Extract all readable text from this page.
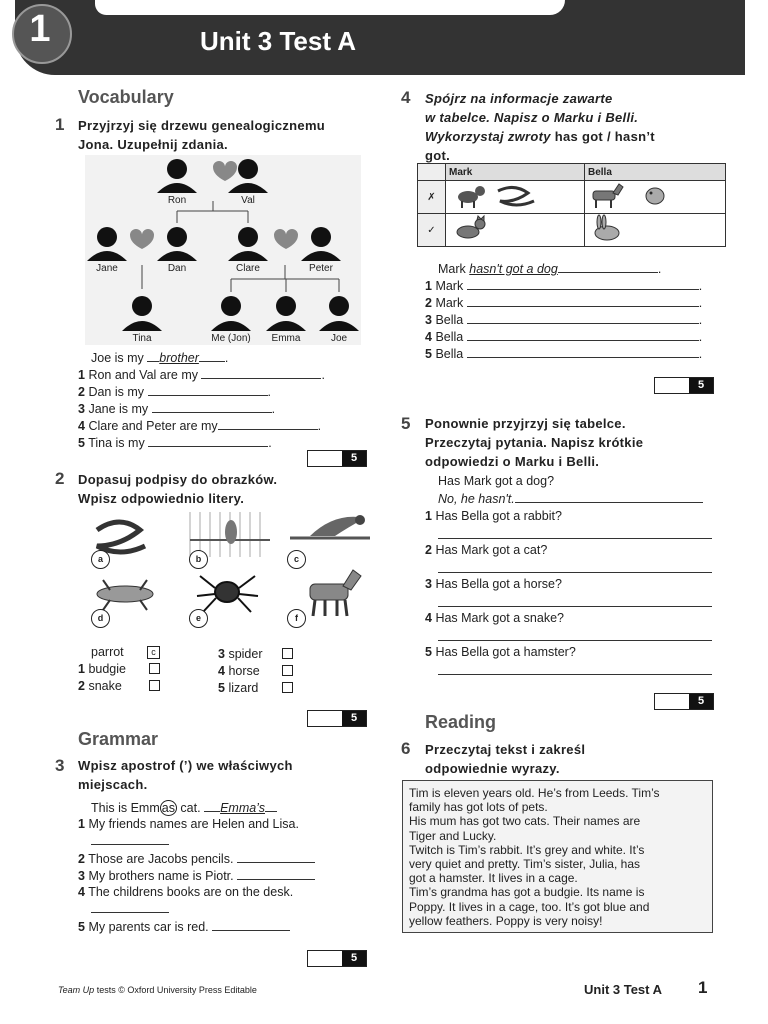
1	Unit 3 Test A
Vocabulary
1 Przyjrzyj się drzewu genealogicznemu
Jona. Uzupełnij zdania.
Ron	Val
Jane	Dan	Clare	Peter
Tina	Me (Jon)	Emma	Joe
Joe is my brother .
1 Ron and Val are my	.
2 Dan is my	.
3 Jane is my	.
4 Clare and Peter are my	.
5 Tina is my	.
5
2 Dopasuj podpisy do obrazków.
Wpisz odpowiednio litery.
a	b	c
d	e	f
parrot	c
1 budgie
2 snake
3 spider
4 horse
5 lizard
5
Grammar
3 Wpisz apostrof (’) we właściwych
miejscach.
This is Emm as cat. Emma’s
1 My friends names are Helen and Lisa.
2 Those are Jacobs pencils.
3 My brothers name is Piotr.
4 The childrens books are on the desk.
5 My parents car is red.
5
4 Spójrz na informacje zawarte
w tabelce. Napisz o Marku i Belli.
Wykorzystaj zwroty has got / hasn’t
got.
	Mark	Bella
✗		
✓		
Mark hasn't got a dog	.
1 Mark	.
2 Mark	.
3 Bella	.
4 Bella	.
5 Bella	.
5
5 Ponownie przyjrzyj się tabelce.
Przeczytaj pytania. Napisz krótkie
odpowiedzi o Marku i Belli.
Has Mark got a dog?
No, he hasn't.
1 Has Bella got a rabbit?
2 Has Mark got a cat?
3 Has Bella got a horse?
4 Has Mark got a snake?
5 Has Bella got a hamster?
5
Reading
6 Przeczytaj tekst i zakreśl
odpowiednie wyrazy.
Tim is eleven years old. He’s from Leeds. Tim’s
family has got lots of pets.
His mum has got two cats. Their names are
Tiger and Lucky.
Twitch is Tim’s rabbit. It’s grey and white. It’s
very quiet and pretty. Tim’s sister, Julia, has
got a hamster. It lives in a cage.
Tim’s grandma has got a budgie. Its name is
Poppy. It lives in a cage, too. It’s got blue and
yellow feathers. Poppy is very noisy!
Team Up tests © Oxford University Press Editable	Unit 3 Test A 1
